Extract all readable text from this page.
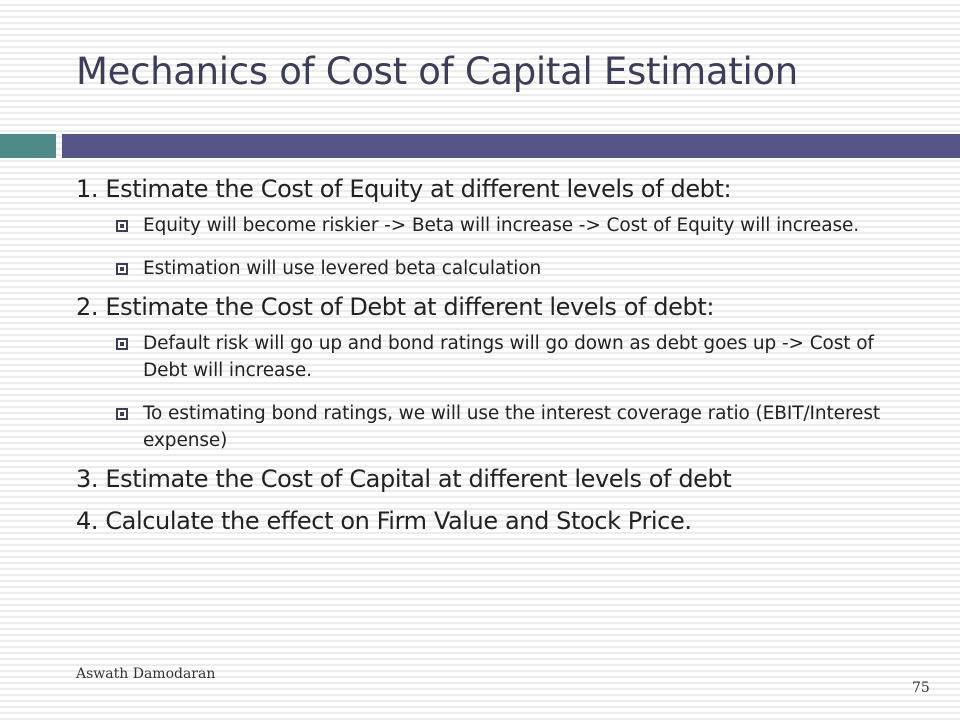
Mechanics of Cost of Capital Estimation
1. Estimate the Cost of Equity at different levels of debt:
Equity will become riskier -> Beta will increase -> Cost of Equity will increase.
Estimation will use levered beta calculation
2. Estimate the Cost of Debt at different levels of debt:
Default risk will go up and bond ratings will go down as debt goes up -> Cost of Debt will increase.
To estimating bond ratings, we will use the interest coverage ratio (EBIT/Interest expense)
3. Estimate the Cost of Capital at different levels of debt
4. Calculate the effect on Firm Value and Stock Price.
Aswath Damodaran
75
